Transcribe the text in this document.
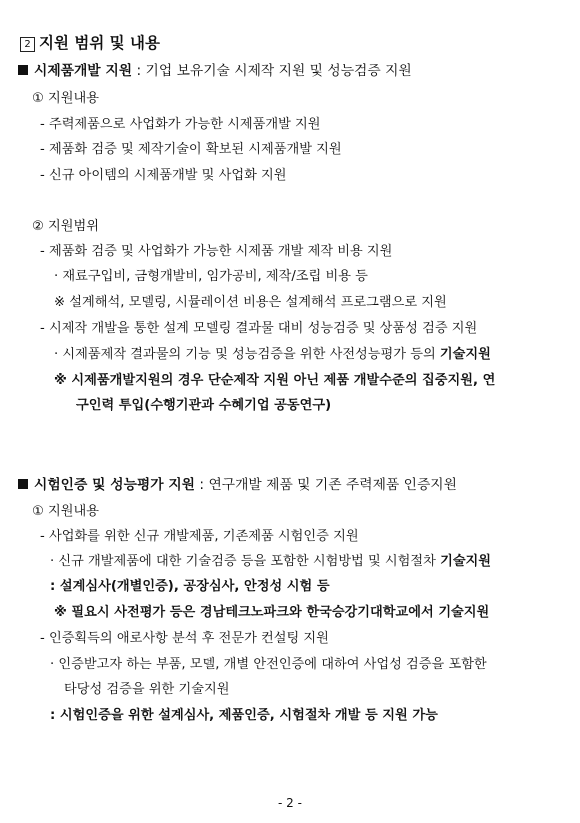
2 지원 범위 및 내용
시제품개발 지원 : 기업 보유기술 시제작 지원 및 성능검증 지원
① 지원내용
- 주력제품으로 사업화가 가능한 시제품개발 지원
- 제품화 검증 및 제작기술이 확보된 시제품개발 지원
- 신규 아이템의 시제품개발 및 사업화 지원
② 지원범위
- 제품화 검증 및 사업화가 가능한 시제품 개발 제작 비용 지원
· 재료구입비, 금형개발비, 임가공비, 제작/조립 비용 등
※ 설계해석, 모델링, 시뮬레이션 비용은 설계해석 프로그램으로 지원
- 시제작 개발을 통한 설계 모델링 결과물 대비 성능검증 및 상품성 검증 지원
· 시제품제작 결과물의 기능 및 성능검증을 위한 사전성능평가 등의 기술지원
※ 시제품개발지원의 경우 단순제작 지원 아닌 제품 개발수준의 집중지원, 연
구인력 투입(수행기관과 수혜기업 공동연구)
시험인증 및 성능평가 지원 : 연구개발 제품 및 기존 주력제품 인증지원
① 지원내용
- 사업화를 위한 신규 개발제품, 기존제품 시험인증 지원
· 신규 개발제품에 대한 기술검증 등을 포함한 시험방법 및 시험절차 기술지원
: 설계심사(개별인증), 공장심사, 안정성 시험 등
※ 필요시 사전평가 등은 경남테크노파크와 한국승강기대학교에서 기술지원
- 인증획득의 애로사항 분석 후 전문가 컨설팅 지원
· 인증받고자 하는 부품, 모델, 개별 안전인증에 대하여 사업성 검증을 포함한
타당성 검증을 위한 기술지원
: 시험인증을 위한 설계심사, 제품인증, 시험절차 개발 등 지원 가능
- 2 -
